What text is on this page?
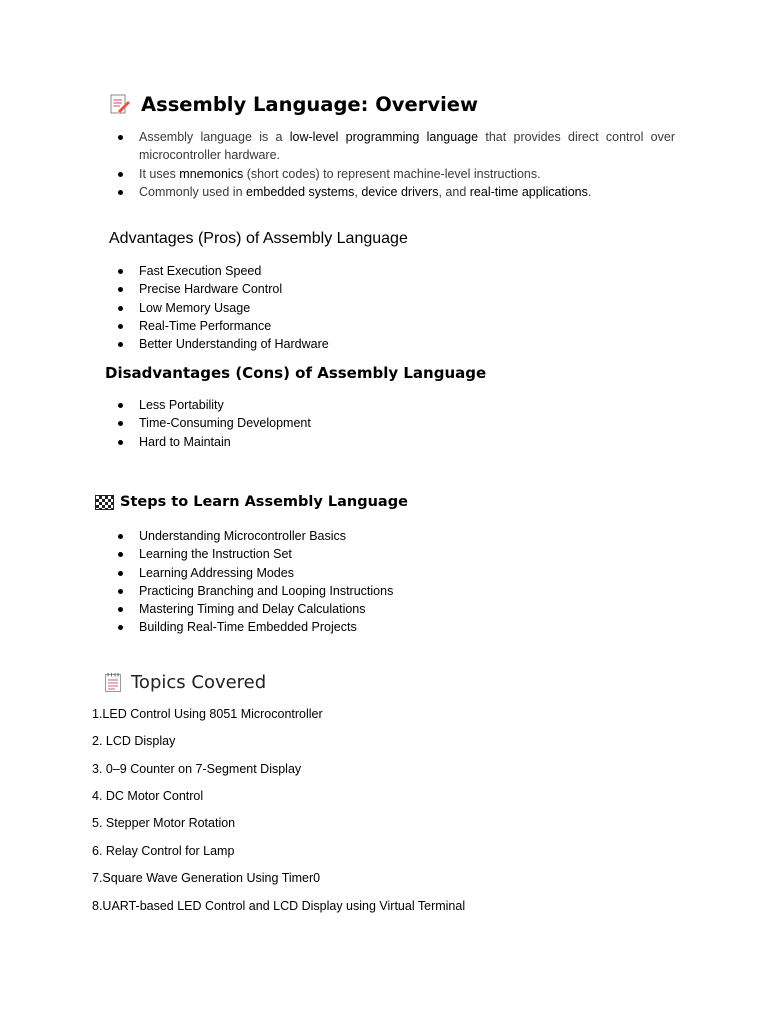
Assembly Language: Overview
Assembly language is a low-level programming language that provides direct control over microcontroller hardware.
It uses mnemonics (short codes) to represent machine-level instructions.
Commonly used in embedded systems, device drivers, and real-time applications.
Advantages (Pros) of Assembly Language
Fast Execution Speed
Precise Hardware Control
Low Memory Usage
Real-Time Performance
Better Understanding of Hardware
Disadvantages (Cons) of Assembly Language
Less Portability
Time-Consuming Development
Hard to Maintain
Steps to Learn Assembly Language
Understanding Microcontroller Basics
Learning the Instruction Set
Learning Addressing Modes
Practicing Branching and Looping Instructions
Mastering Timing and Delay Calculations
Building Real-Time Embedded Projects
Topics Covered
1.LED Control Using 8051 Microcontroller
2. LCD Display
3. 0–9 Counter on 7-Segment Display
4. DC Motor Control
5. Stepper Motor Rotation
6. Relay Control for Lamp
7.Square Wave Generation Using Timer0
8.UART-based LED Control and LCD Display using Virtual Terminal
